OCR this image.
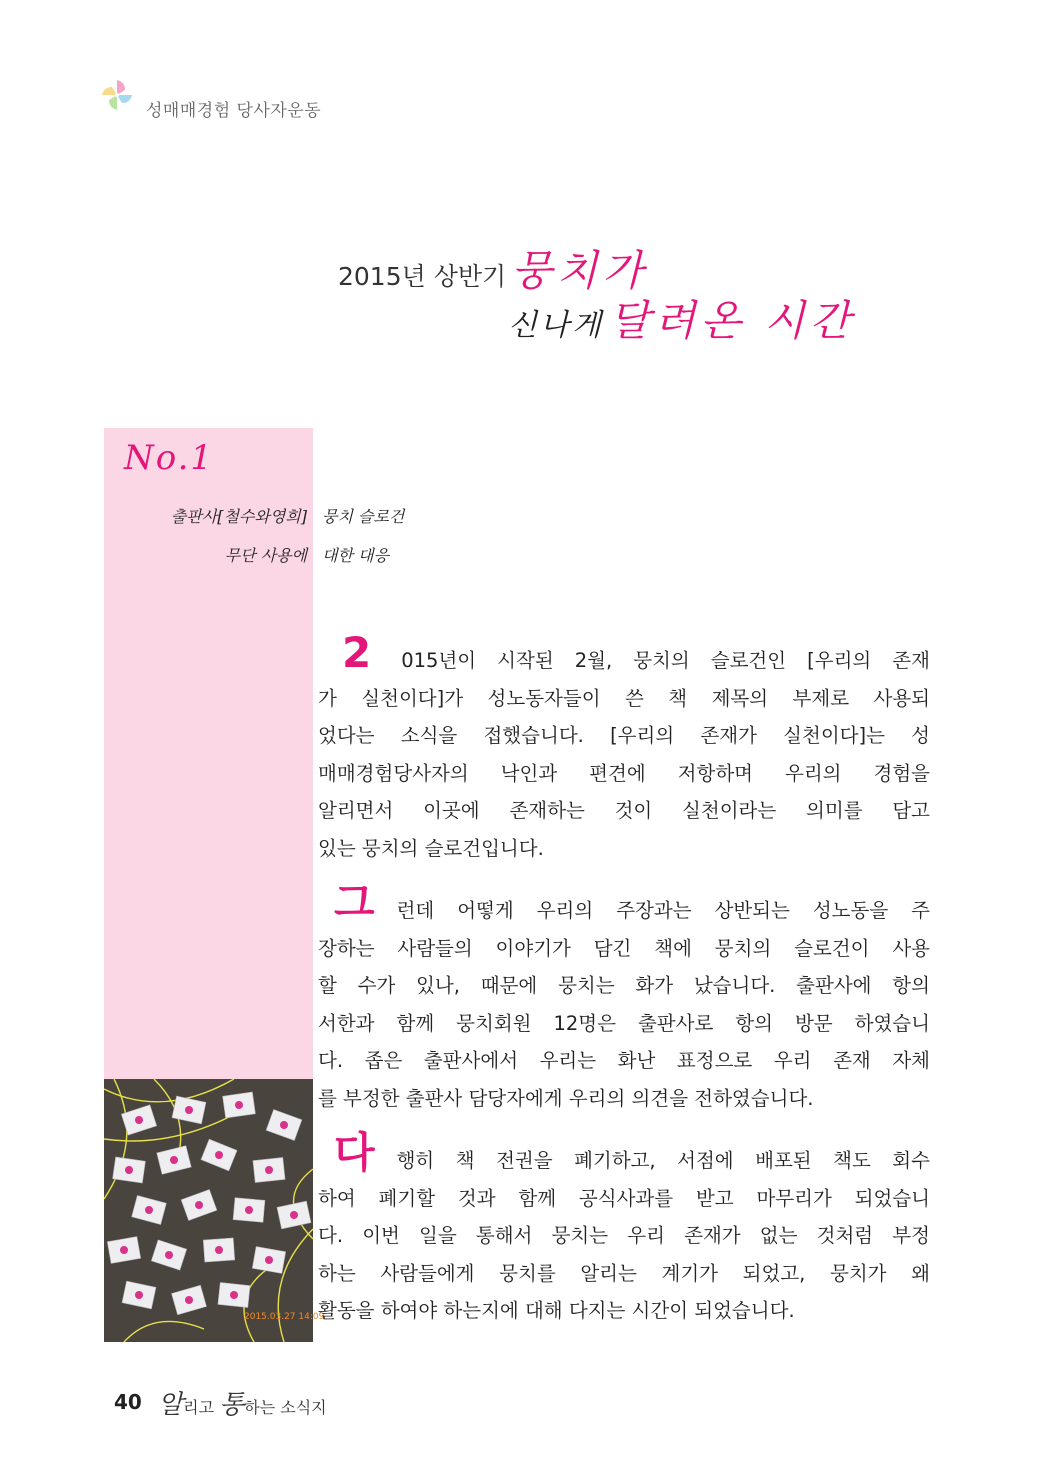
성매매경험 당사자운동
2015년 상반기 뭉치가
신나게 달려온 시간
No.1
출판사[철수와영희] 뭉치 슬로건
무단 사용에 대한 대응
2015.03.27 14:09
2 015년이 시작된 2월, 뭉치의 슬로건인 [우리의 존재
가 실천이다]가 성노동자들이 쓴 책 제목의 부제로 사용되
었다는 소식을 접했습니다. [우리의 존재가 실천이다]는 성
매매경험당사자의 낙인과 편견에 저항하며 우리의 경험을
알리면서 이곳에 존재하는 것이 실천이라는 의미를 담고
있는 뭉치의 슬로건입니다.
그 런데 어떻게 우리의 주장과는 상반되는 성노동을 주
장하는 사람들의 이야기가 담긴 책에 뭉치의 슬로건이 사용
할 수가 있나, 때문에 뭉치는 화가 났습니다. 출판사에 항의
서한과 함께 뭉치회원 12명은 출판사로 항의 방문 하였습니
다. 좁은 출판사에서 우리는 화난 표정으로 우리 존재 자체
를 부정한 출판사 담당자에게 우리의 의견을 전하였습니다.
다 행히 책 전권을 폐기하고, 서점에 배포된 책도 회수
하여 폐기할 것과 함께 공식사과를 받고 마무리가 되었습니
다. 이번 일을 통해서 뭉치는 우리 존재가 없는 것처럼 부정
하는 사람들에게 뭉치를 알리는 계기가 되었고, 뭉치가 왜
활동을 하여야 하는지에 대해 다지는 시간이 되었습니다.
40 알리고 통하는 소식지
